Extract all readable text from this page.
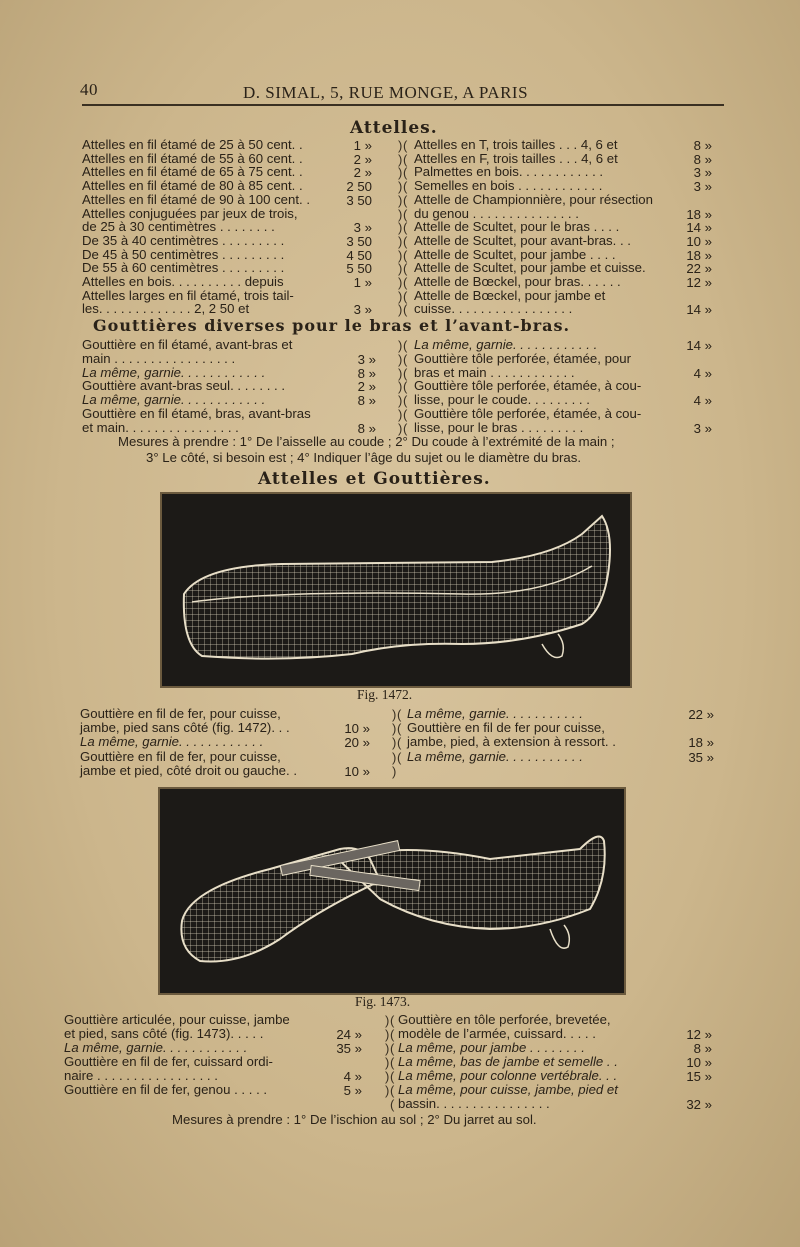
40	D. SIMAL, 5, RUE MONGE, A PARIS
Attelles.
Attelles en fil étamé de 25 à 50 cent. .	1 » )
Attelles en fil étamé de 55 à 60 cent. .	2 » )
Attelles en fil étamé de 65 à 75 cent. .	2 » )
Attelles en fil étamé de 80 à 85 cent. .	2 50 )
Attelles en fil étamé de 90 à 100 cent. .	3 50 )
Attelles conjuguées par jeux de trois,	)
de 25 à 30 centimètres . . . . . . . .	3 » )
De 35 à 40 centimètres . . . . . . . . .	3 50 )
De 45 à 50 centimètres . . . . . . . . .	4 50 )
De 55 à 60 centimètres . . . . . . . . .	5 50 )
Attelles en bois. . . . . . . . . . depuis	1 » )
Attelles larges en fil étamé, trois tail-	)
les. . . . . . . . . . . . . 2, 2 50 et	3 » )
Attelles en T, trois tailles . . . 4, 6 et	8 »
(
Attelles en F, trois tailles . . . 4, 6 et	8 »
(
Palmettes en bois. . . . . . . . . . . .	3 »
(
Semelles en bois . . . . . . . . . . . .	3 »
(
Attelle de Championnière, pour résection
(
du genou . . . . . . . . . . . . . . .	18 »
(
Attelle de Scultet, pour le bras . . . .	14 »
(
Attelle de Scultet, pour avant-bras. . .	10 »
(
Attelle de Scultet, pour jambe . . . .	18 »
(
Attelle de Scultet, pour jambe et cuisse.	22 »
(
Attelle de Bœckel, pour bras. . . . . .	12 »
(
Attelle de Bœckel, pour jambe et
(
cuisse. . . . . . . . . . . . . . . . .	14 »
(
Gouttières diverses pour le bras et l’avant-bras.
Gouttière en fil étamé, avant-bras et	)
main . . . . . . . . . . . . . . . . .	3 » )
La même, garnie. . . . . . . . . . . .	8 » )
Gouttière avant-bras seul. . . . . . . .	2 » )
La même, garnie. . . . . . . . . . . .	8 » )
Gouttière en fil étamé, bras, avant-bras	)
et main. . . . . . . . . . . . . . . .	8 » )
La même, garnie. . . . . . . . . . . .	14 »
(
Gouttière tôle perforée, étamée, pour
(
bras et main . . . . . . . . . . . .	4 »
(
Gouttière tôle perforée, étamée, à cou-
(
lisse, pour le coude. . . . . . . . .	4 »
(
Gouttière tôle perforée, étamée, à cou-
(
lisse, pour le bras . . . . . . . . .	3 »
(
Mesures à prendre : 1° De l’aisselle au coude ; 2° Du coude à l’extrémité de la main ;
3° Le côté, si besoin est ; 4° Indiquer l’âge du sujet ou le diamètre du bras.
Attelles et Gouttières.
Fig. 1472.
Gouttière en fil de fer, pour cuisse,	)
jambe, pied sans côté (fig. 1472). . .	10 » )
La même, garnie. . . . . . . . . . . .	20 » )
Gouttière en fil de fer, pour cuisse,	)
jambe et pied, côté droit ou gauche. .	10 » )
La même, garnie. . . . . . . . . . .	22 »
(
Gouttière en fil de fer pour cuisse,
(
jambe, pied, à extension à ressort. .	18 »
(
La même, garnie. . . . . . . . . . .	35 »
(
Fig. 1473.
Gouttière articulée, pour cuisse, jambe	)
et pied, sans côté (fig. 1473). . . . .	24 » )
La même, garnie. . . . . . . . . . . .	35 » )
Gouttière en fil de fer, cuissard ordi-	)
naire . . . . . . . . . . . . . . . . .	4 » )
Gouttière en fil de fer, genou . . . . .	5 » )
Gouttière en tôle perforée, brevetée,
(
modèle de l’armée, cuissard. . . . .	12 »
(
La même, pour jambe . . . . . . . .	8 »
(
La même, bas de jambe et semelle . .	10 »
(
La même, pour colonne vertébrale. . .	15 »
(
La même, pour cuisse, jambe, pied et
(
bassin. . . . . . . . . . . . . . . .	32 »
(
Mesures à prendre : 1° De l’ischion au sol ; 2° Du jarret au sol.
